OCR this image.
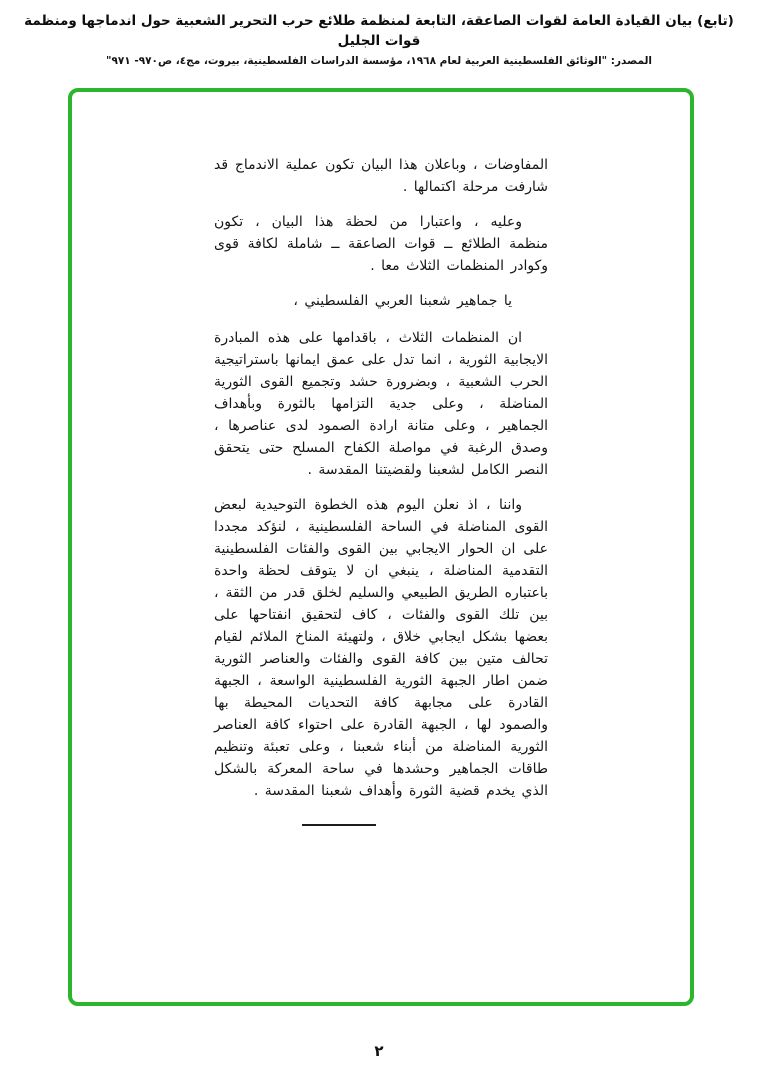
(تابع) بيان القيادة العامة لقوات الصاعقة، التابعة لمنظمة طلائع حرب التحرير الشعبية حول اندماجها ومنظمة قوات الجليل
المصدر: "الوثائق الفلسطينية العربية لعام ١٩٦٨، مؤسسة الدراسات الفلسطينية، بيروت، مج٤، ص٩٧٠- ٩٧١"

المفاوضات ، وباعلان هذا البيان تكون عملية الاندماج قد شارفت مرحلة اكتمالها .

وعليه ، واعتبارا من لحظة هذا البيان ، تكون منظمة الطلائع ــ قوات الصاعقة ــ شاملة لكافة قوى وكوادر المنظمات الثلاث معا .

يا جماهير شعبنا العربي الفلسطيني ،

ان المنظمات الثلاث ، باقدامها على هذه المبادرة الايجابية الثورية ، انما تدل على عمق ايمانها باستراتيجية الحرب الشعبية ، وبضرورة حشد وتجميع القوى الثورية المناضلة ، وعلى جدية التزامها بالثورة وبأهداف الجماهير ، وعلى متانة ارادة الصمود لدى عناصرها ، وصدق الرغبة في مواصلة الكفاح المسلح حتى يتحقق النصر الكامل لشعبنا ولقضيتنا المقدسة .

واننا ، اذ نعلن اليوم هذه الخطوة التوحيدية لبعض القوى المناضلة في الساحة الفلسطينية ، لنؤكد مجددا على ان الحوار الايجابي بين القوى والفئات الفلسطينية التقدمية المناضلة ، ينبغي ان لا يتوقف لحظة واحدة باعتباره الطريق الطبيعي والسليم لخلق قدر من الثقة ، بين تلك القوى والفئات ، كاف لتحقيق انفتاحها على بعضها بشكل ايجابي خلاق ، ولتهيئة المناخ الملائم لقيام تحالف متين بين كافة القوى والفئات والعناصر الثورية ضمن اطار الجبهة الثورية الفلسطينية الواسعة ، الجبهة القادرة على مجابهة كافة التحديات المحيطة بها والصمود لها ، الجبهة القادرة على احتواء كافة العناصر الثورية المناضلة من أبناء شعبنا ، وعلى تعبئة وتنظيم طاقات الجماهير وحشدها في ساحة المعركة بالشكل الذي يخدم قضية الثورة وأهداف شعبنا المقدسة .

٢
